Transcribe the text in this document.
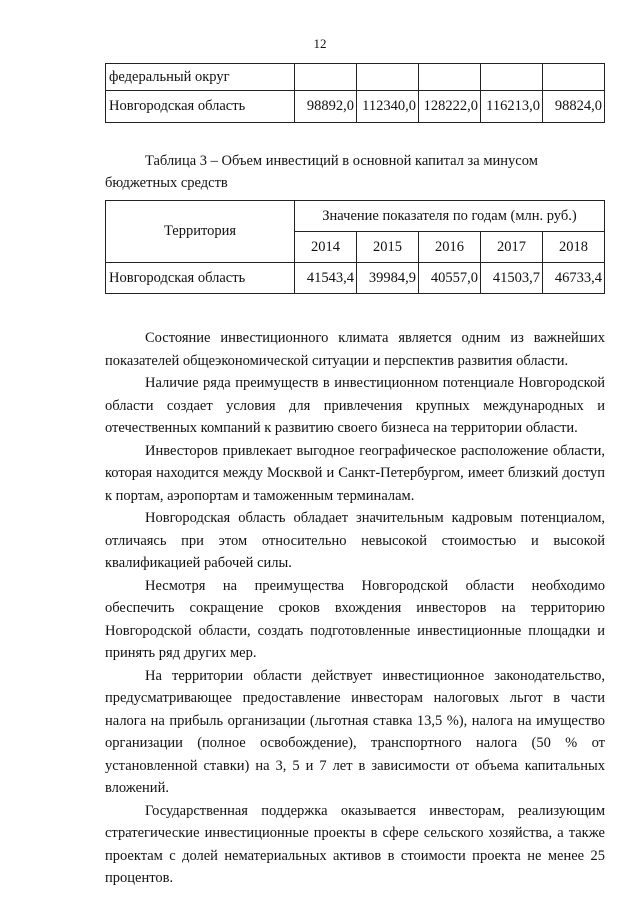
12
федеральный округ					
Новгородская область	98892,0	112340,0	128222,0	116213,0	98824,0
Таблица 3 – Объем инвестиций в основной капитал за минусом
бюджетных средств
Территория	Значение показателя по годам (млн. руб.)				
	2014	2015	2016	2017	2018
Новгородская область	41543,4	39984,9	40557,0	41503,7	46733,4

Состояние инвестиционного климата является одним из важнейших показателей общеэкономической ситуации и перспектив развития области.

Наличие ряда преимуществ в инвестиционном потенциале Новгородской области создает условия для привлечения крупных международных и отечественных компаний к развитию своего бизнеса на территории области.

Инвесторов привлекает выгодное географическое расположение области, которая находится между Москвой и Санкт-Петербургом, имеет близкий доступ к портам, аэропортам и таможенным терминалам.

Новгородская область обладает значительным кадровым потенциалом, отличаясь при этом относительно невысокой стоимостью и высокой квалификацией рабочей силы.

Несмотря на преимущества Новгородской области необходимо обеспечить сокращение сроков вхождения инвесторов на территорию Новгородской области, создать подготовленные инвестиционные площадки и принять ряд других мер.

На территории области действует инвестиционное законодательство, предусматривающее предоставление инвесторам налоговых льгот в части налога на прибыль организации (льготная ставка 13,5 %), налога на имущество организации (полное освобождение), транспортного налога (50 % от установленной ставки) на 3, 5 и 7 лет в зависимости от объема капитальных вложений.

Государственная поддержка оказывается инвесторам, реализующим стратегические инвестиционные проекты в сфере сельского хозяйства, а также проектам с долей нематериальных активов в стоимости проекта не менее 25 процентов.
